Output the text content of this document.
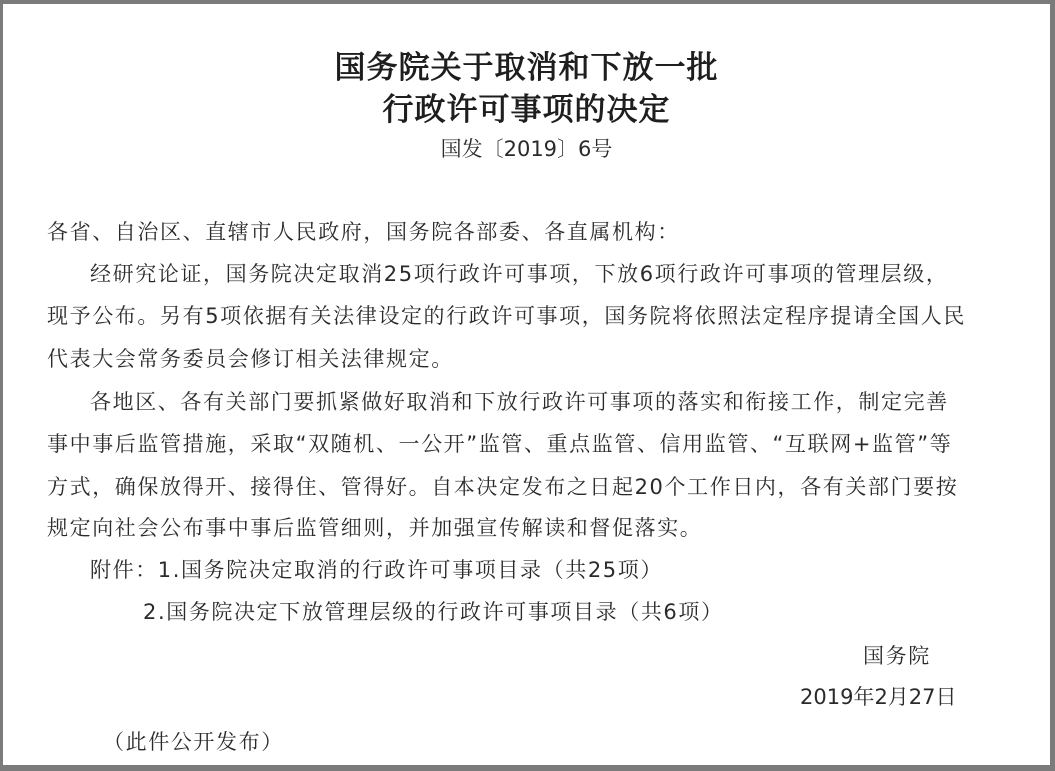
国务院关于取消和下放一批
行政许可事项的决定
国发〔2019〕6号
各省、自治区、直辖市人民政府，国务院各部委、各直属机构：
经研究论证，国务院决定取消25项行政许可事项，下放6项行政许可事项的管理层级，
现予公布。另有5项依据有关法律设定的行政许可事项，国务院将依照法定程序提请全国人民
代表大会常务委员会修订相关法律规定。
各地区、各有关部门要抓紧做好取消和下放行政许可事项的落实和衔接工作，制定完善
事中事后监管措施，采取“双随机、一公开”监管、重点监管、信用监管、“互联网+监管”等
方式，确保放得开、接得住、管得好。自本决定发布之日起20个工作日内，各有关部门要按
规定向社会公布事中事后监管细则，并加强宣传解读和督促落实。
附件：1.国务院决定取消的行政许可事项目录（共25项）
2.国务院决定下放管理层级的行政许可事项目录（共6项）
国务院
2019年2月27日
（此件公开发布）
